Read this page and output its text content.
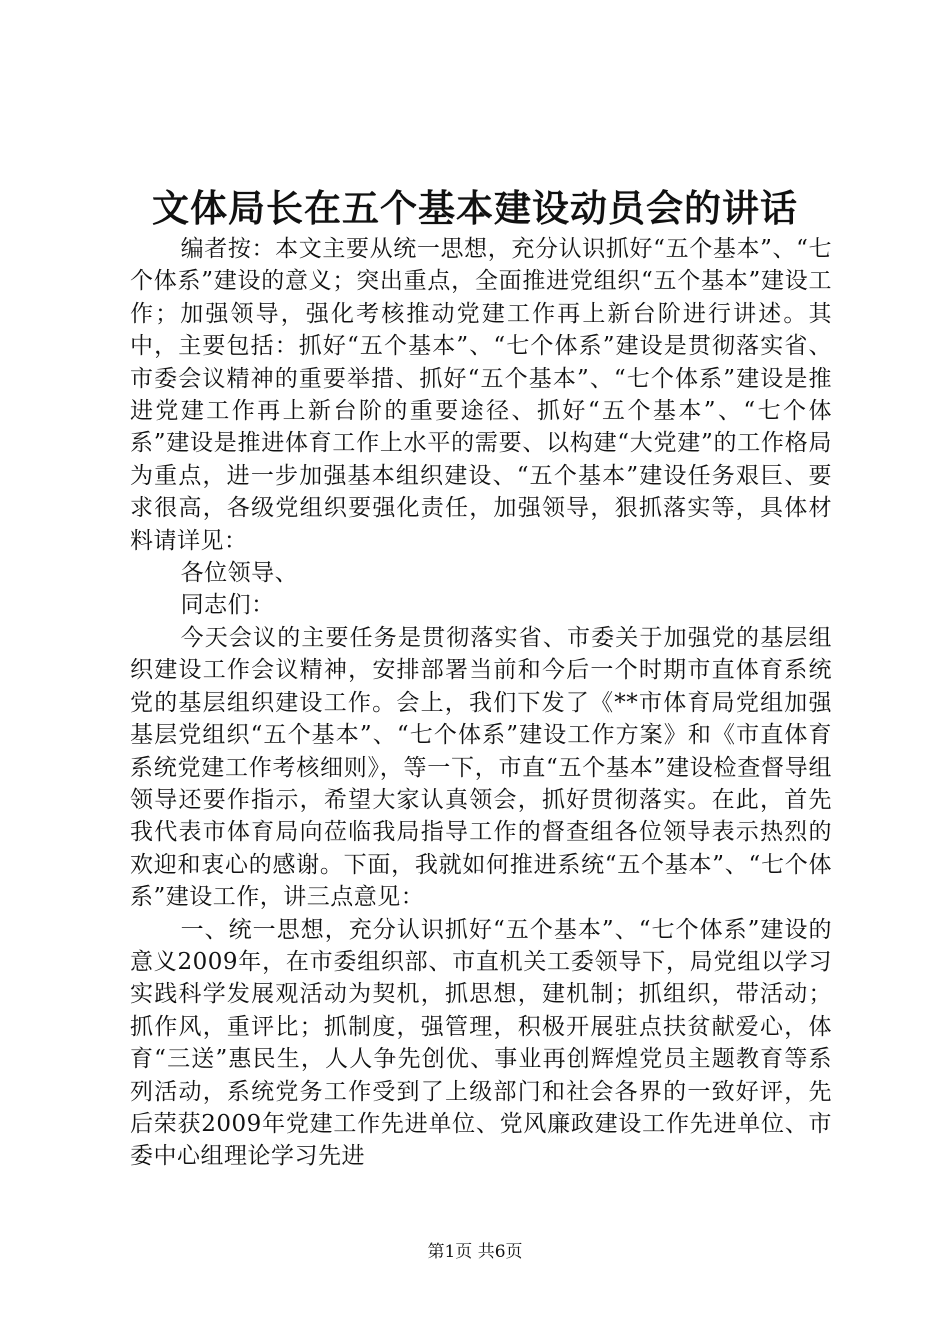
文体局长在五个基本建设动员会的讲话

编者按：本文主要从统一思想，充分认识抓好“五个基本”、“七个体系”建设的意义；突出重点，全面推进党组织“五个基本”建设工作；加强领导，强化考核推动党建工作再上新台阶进行讲述。其中，主要包括：抓好“五个基本”、“七个体系”建设是贯彻落实省、市委会议精神的重要举措、抓好“五个基本”、“七个体系”建设是推进党建工作再上新台阶的重要途径、抓好“五个基本”、“七个体系”建设是推进体育工作上水平的需要、以构建“大党建”的工作格局为重点，进一步加强基本组织建设、“五个基本”建设任务艰巨、要求很高，各级党组织要强化责任，加强领导，狠抓落实等，具体材料请详见：

各位领导、

同志们：

今天会议的主要任务是贯彻落实省、市委关于加强党的基层组织建设工作会议精神，安排部署当前和今后一个时期市直体育系统党的基层组织建设工作。会上，我们下发了《**市体育局党组加强基层党组织“五个基本”、“七个体系”建设工作方案》和《市直体育系统党建工作考核细则》，等一下，市直“五个基本”建设检查督导组领导还要作指示，希望大家认真领会，抓好贯彻落实。在此，首先我代表市体育局向莅临我局指导工作的督查组各位领导表示热烈的欢迎和衷心的感谢。下面，我就如何推进系统“五个基本”、“七个体系”建设工作，讲三点意见：

一、统一思想，充分认识抓好“五个基本”、“七个体系”建设的意义2009年，在市委组织部、市直机关工委领导下，局党组以学习实践科学发展观活动为契机，抓思想，建机制；抓组织，带活动；抓作风，重评比；抓制度，强管理，积极开展驻点扶贫献爱心，体育“三送”惠民生，人人争先创优、事业再创辉煌党员主题教育等系列活动，系统党务工作受到了上级部门和社会各界的一致好评，先后荣获2009年党建工作先进单位、党风廉政建设工作先进单位、市委中心组理论学习先进

第1页 共6页
